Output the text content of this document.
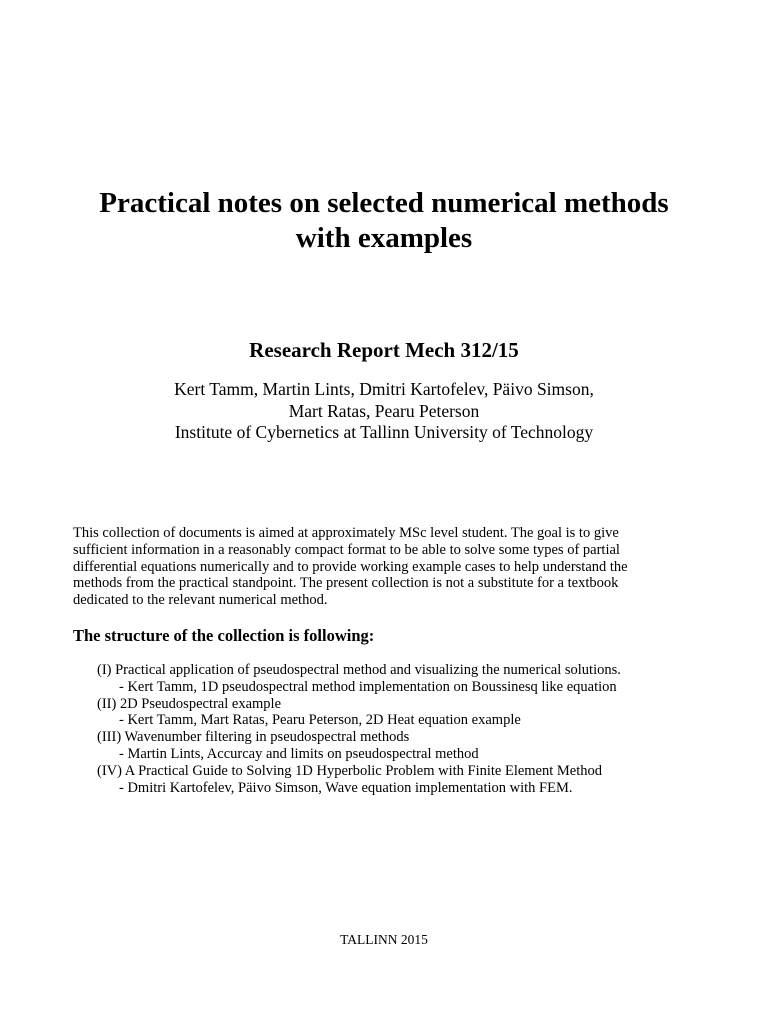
Practical notes on selected numerical methods
with examples
Research Report Mech 312/15
Kert Tamm, Martin Lints, Dmitri Kartofelev, Päivo Simson,
Mart Ratas, Pearu Peterson
Institute of Cybernetics at Tallinn University of Technology
This collection of documents is aimed at approximately MSc level student. The goal is to give
sufficient information in a reasonably compact format to be able to solve some types of partial
differential equations numerically and to provide working example cases to help understand the
methods from the practical standpoint. The present collection is not a substitute for a textbook
dedicated to the relevant numerical method.
The structure of the collection is following:
(I) Practical application of pseudospectral method and visualizing the numerical solutions.
- Kert Tamm, 1D pseudospectral method implementation on Boussinesq like equation
(II) 2D Pseudospectral example
- Kert Tamm, Mart Ratas, Pearu Peterson, 2D Heat equation example
(III) Wavenumber filtering in pseudospectral methods
- Martin Lints, Accurcay and limits on pseudospectral method
(IV) A Practical Guide to Solving 1D Hyperbolic Problem with Finite Element Method
- Dmitri Kartofelev, Päivo Simson, Wave equation implementation with FEM.
TALLINN 2015
